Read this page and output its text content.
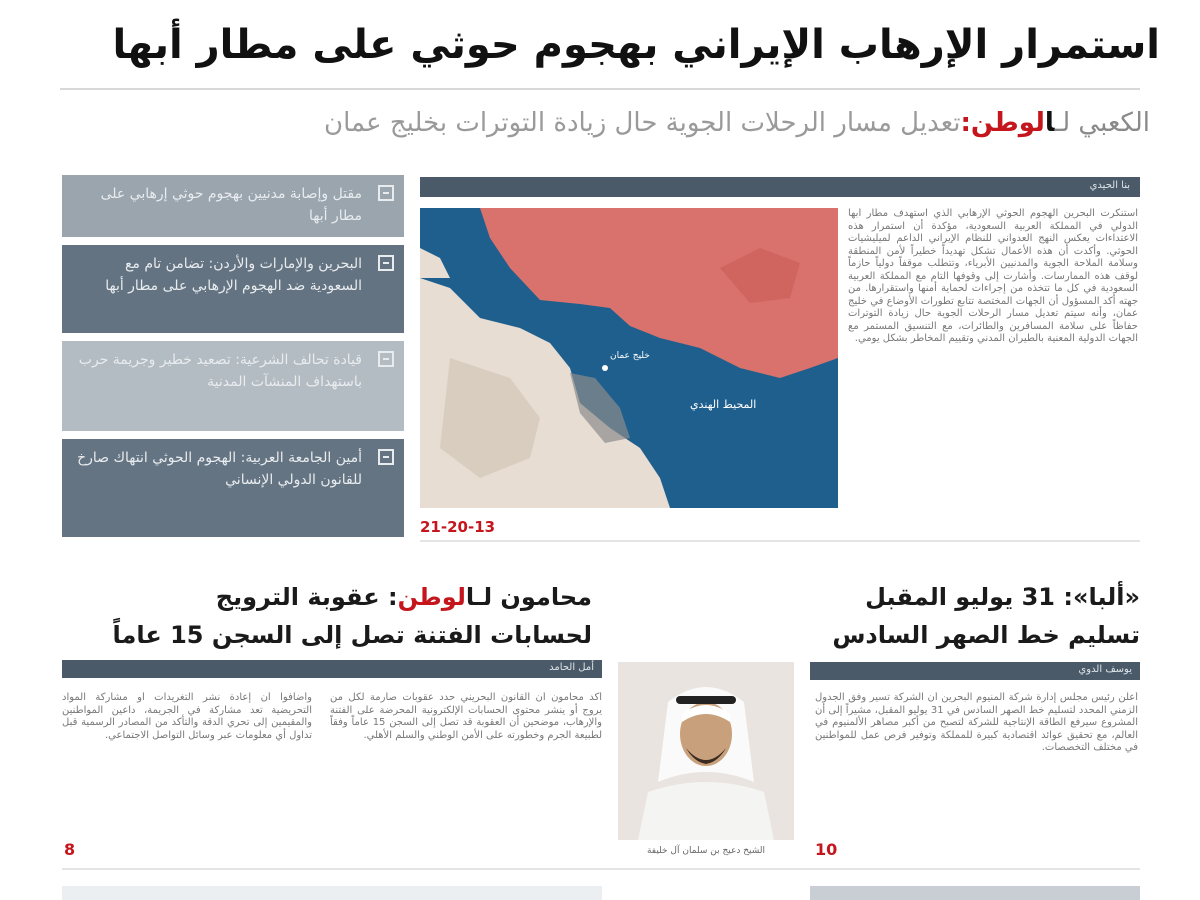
استمرار الإرهاب الإيراني بهجوم حوثي على مطار أبها
الكعبي لـالوطن:تعديل مسار الرحلات الجوية حال زيادة التوترات بخليج عمان
بنا الحيدي
خليج عمان
المحيط الهندي
استنكرت البحرين الهجوم الحوثي الإرهابي الذي استهدف مطار أبها الدولي في المملكة العربية السعودية، مؤكدة أن استمرار هذه الاعتداءات يعكس النهج العدواني للنظام الإيراني الداعم لميليشيات الحوثي. وأكدت أن هذه الأعمال تشكل تهديداً خطيراً لأمن المنطقة وسلامة الملاحة الجوية والمدنيين الأبرياء، وتتطلب موقفاً دولياً حازماً لوقف هذه الممارسات. وأشارت إلى وقوفها التام مع المملكة العربية السعودية في كل ما تتخذه من إجراءات لحماية أمنها واستقرارها. من جهته أكد المسؤول أن الجهات المختصة تتابع تطورات الأوضاع في خليج عمان، وأنه سيتم تعديل مسار الرحلات الجوية حال زيادة التوترات حفاظاً على سلامة المسافرين والطائرات، مع التنسيق المستمر مع الجهات الدولية المعنية بالطيران المدني وتقييم المخاطر بشكل يومي.
21-20-13
مقتل وإصابة مدنيين بهجوم حوثي إرهابي على مطار أبها
البحرين والإمارات والأردن: تضامن تام مع السعودية ضد الهجوم الإرهابي على مطار أبها
قيادة تحالف الشرعية: تصعيد خطير وجريمة حرب باستهداف المنشآت المدنية
أمين الجامعة العربية: الهجوم الحوثي انتهاك صارخ للقانون الدولي الإنساني
«ألبا»: 31 يوليو المقبل
تسليم خط الصهر السادس
يوسف الدوي
أعلن رئيس مجلس إدارة شركة ألمنيوم البحرين أن الشركة تسير وفق الجدول الزمني المحدد لتسليم خط الصهر السادس في 31 يوليو المقبل، مشيراً إلى أن المشروع سيرفع الطاقة الإنتاجية للشركة لتصبح من أكبر مصاهر الألمنيوم في العالم، مع تحقيق عوائد اقتصادية كبيرة للمملكة وتوفير فرص عمل للمواطنين في مختلف التخصصات.
10
الشيخ دعيج بن سلمان آل خليفة
محامون لـالوطن: عقوبة الترويج
لحسابات الفتنة تصل إلى السجن 15 عاماً
أمل الحامد
أكد محامون أن القانون البحريني حدد عقوبات صارمة لكل من يروج أو ينشر محتوى الحسابات الإلكترونية المحرضة على الفتنة والإرهاب، موضحين أن العقوبة قد تصل إلى السجن 15 عاماً وفقاً لطبيعة الجرم وخطورته على الأمن الوطني والسلم الأهلي.
وأضافوا أن إعادة نشر التغريدات أو مشاركة المواد التحريضية تعد مشاركة في الجريمة، داعين المواطنين والمقيمين إلى تحري الدقة والتأكد من المصادر الرسمية قبل تداول أي معلومات عبر وسائل التواصل الاجتماعي.
8
